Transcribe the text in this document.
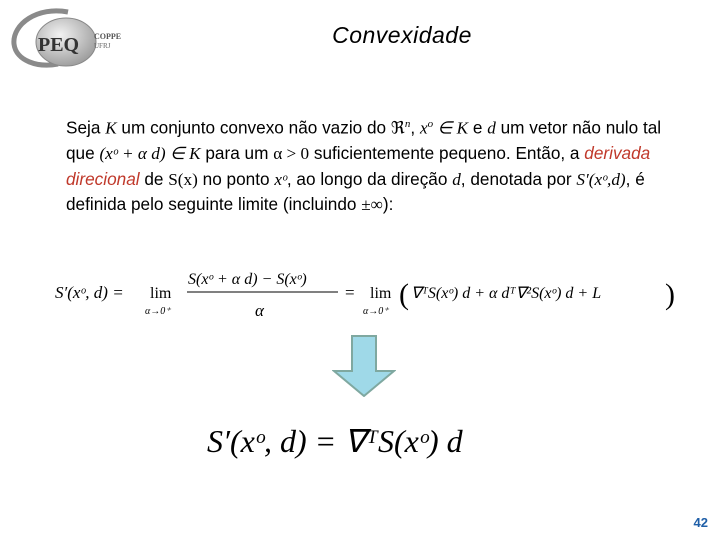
PEQ COPPE
UFRJ	Convexidade
Seja K um conjunto convexo não vazio do ℜ$^n$, $x^o$ ∈ K e d um vetor não nulo tal que (xᵒ + α d) ∈ K para um α > 0 suficientemente pequeno. Então, a derivada direcional de S(x) no ponto xᵒ, ao longo da direção d, denotada por S′(xᵒ,d), é definida pelo seguinte limite (incluindo ±∞):
S′(xᵒ, d) = lim
α→0⁺
S(xᵒ + α d) − S(xᵒ)
α
= lim
α→0⁺
( ∇ᵀS(xᵒ) d + α dᵀ∇²S(xᵒ) d + L )
S′(xᵒ, d) = ∇ᵀS(xᵒ) d
42
